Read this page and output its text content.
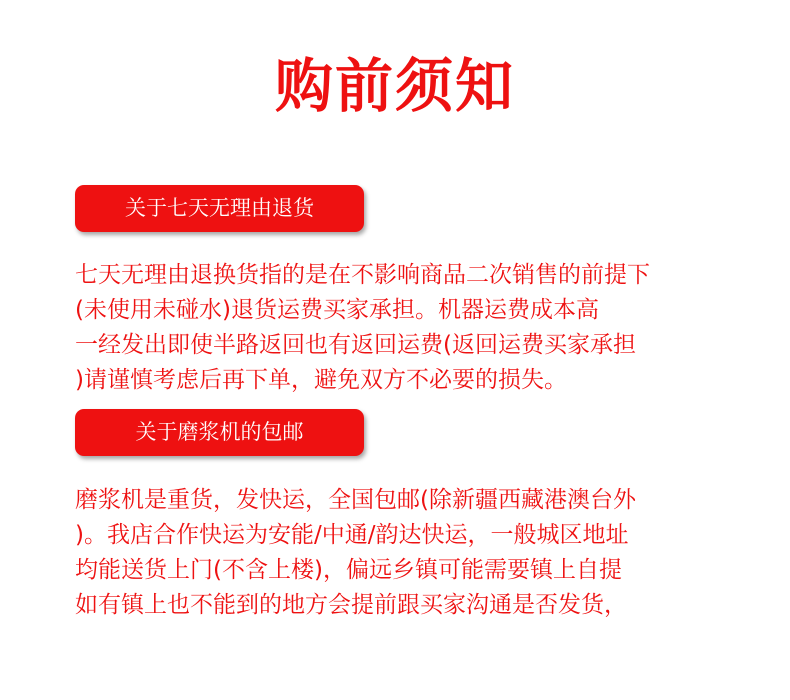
购前须知
关于七天无理由退货
七天无理由退换货指的是在不影响商品二次销售的前提下
(未使用未碰水)退货运费买家承担。机器运费成本高
一经发出即使半路返回也有返回运费(返回运费买家承担
)请谨慎考虑后再下单，避免双方不必要的损失。
关于磨浆机的包邮
磨浆机是重货，发快运，全国包邮(除新疆西藏港澳台外
)。我店合作快运为安能/中通/韵达快运，一般城区地址
均能送货上门(不含上楼)，偏远乡镇可能需要镇上自提
如有镇上也不能到的地方会提前跟买家沟通是否发货，
